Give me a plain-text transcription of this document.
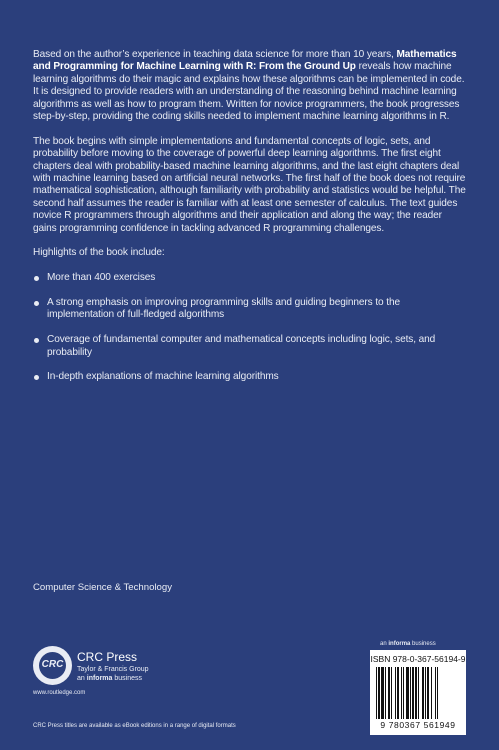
Based on the author’s experience in teaching data science for more than 10 years, Mathematics and Programming for Machine Learning with R: From the Ground Up reveals how machine learning algorithms do their magic and explains how these algorithms can be implemented in code. It is designed to provide readers with an understanding of the reasoning behind machine learning algorithms as well as how to program them. Written for novice programmers, the book progresses step-by-step, providing the coding skills needed to implement machine learning algorithms in R.

The book begins with simple implementations and fundamental concepts of logic, sets, and probability before moving to the coverage of powerful deep learning algorithms. The first eight chapters deal with probability-based machine learning algorithms, and the last eight chapters deal with machine learning based on artificial neural networks. The first half of the book does not require mathematical sophistication, although familiarity with probability and statistics would be helpful. The second half assumes the reader is familiar with at least one semester of calculus. The text guides novice R programmers through algorithms and their application and along the way; the reader gains programming confidence in tackling advanced R programming challenges.

Highlights of the book include:

More than 400 exercises
A strong emphasis on improving programming skills and guiding beginners to the implementation of full-fledged algorithms
Coverage of fundamental computer and mathematical concepts including logic, sets, and probability
In-depth explanations of machine learning algorithms
Computer Science & Technology
CRC
CRC Press
Taylor & Francis Group
an informa business
www.routledge.com
CRC Press titles are available as eBook editions in a range of digital formats
an informa business
ISBN 978-0-367-56194-9
9 780367 561949
